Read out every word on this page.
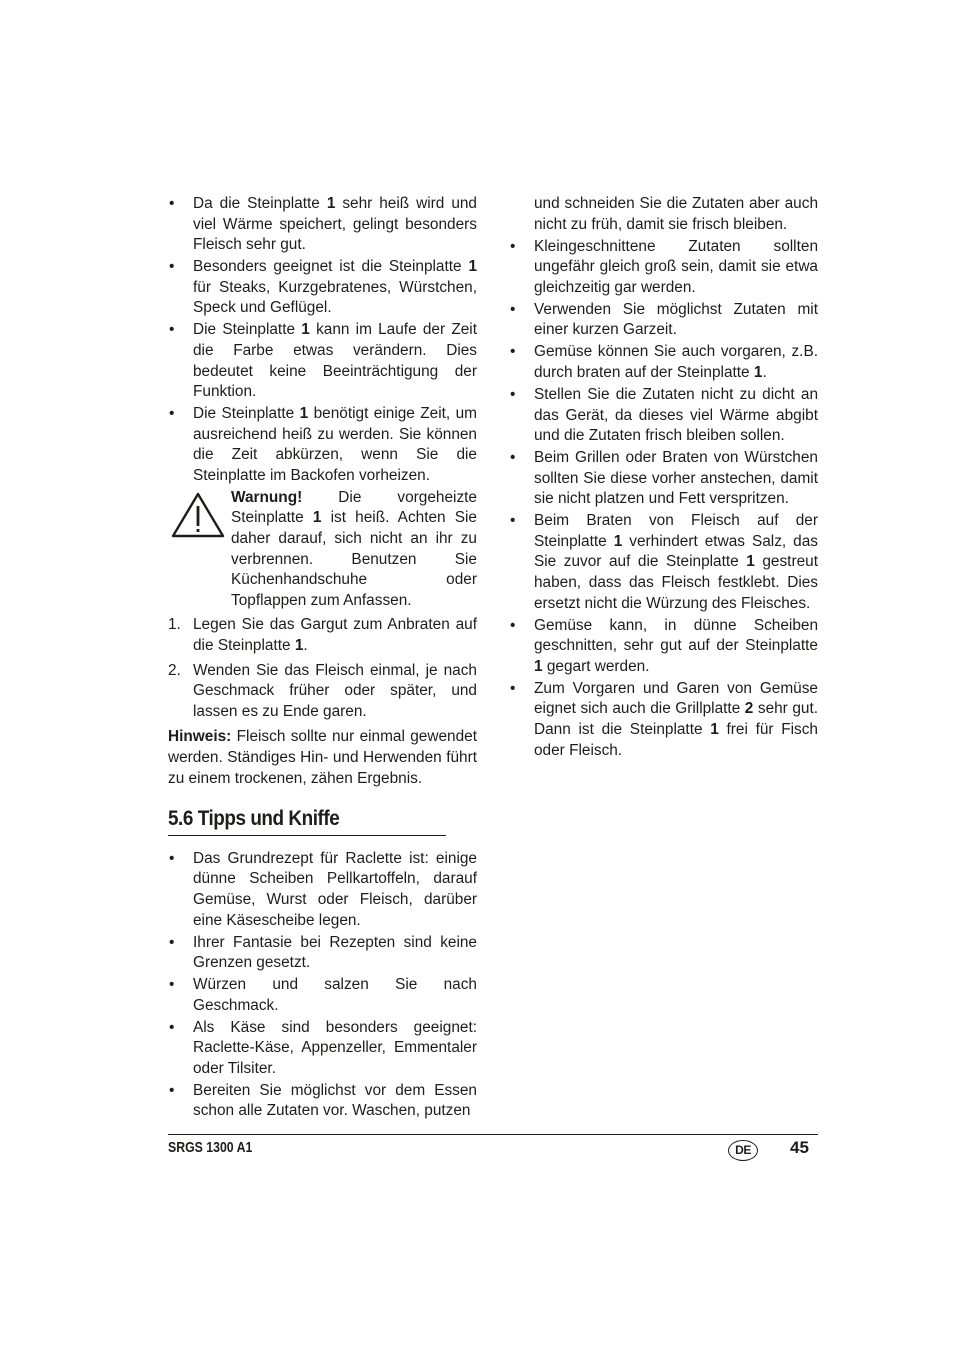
• Da die Steinplatte 1 sehr heiß wird und viel Wärme speichert, gelingt besonders Fleisch sehr gut.
• Besonders geeignet ist die Steinplatte 1 für Steaks, Kurzgebratenes, Würstchen, Speck und Geflügel.
• Die Steinplatte 1 kann im Laufe der Zeit die Farbe etwas verändern. Dies bedeutet keine Beeinträchtigung der Funktion.
• Die Steinplatte 1 benötigt einige Zeit, um ausreichend heiß zu werden. Sie können die Zeit abkürzen, wenn Sie die Steinplatte im Backofen vorheizen.
Warnung! Die vorgeheizte Steinplatte 1 ist heiß. Achten Sie daher darauf, sich nicht an ihr zu verbrennen. Benutzen Sie Küchenhandschuhe oder Topflappen zum Anfassen.
1. Legen Sie das Gargut zum Anbraten auf die Steinplatte 1.
2. Wenden Sie das Fleisch einmal, je nach Geschmack früher oder später, und lassen es zu Ende garen.

Hinweis: Fleisch sollte nur einmal gewendet werden. Ständiges Hin- und Herwenden führt zu einem trockenen, zähen Ergebnis.

5.6 Tipps und Kniffe
• Das Grundrezept für Raclette ist: einige dünne Scheiben Pellkartoffeln, darauf Gemüse, Wurst oder Fleisch, darüber eine Käsescheibe legen.
• Ihrer Fantasie bei Rezepten sind keine Grenzen gesetzt.
• Würzen und salzen Sie nach Geschmack.
• Als Käse sind besonders geeignet: Raclette-Käse, Appenzeller, Emmentaler oder Tilsiter.
• Bereiten Sie möglichst vor dem Essen schon alle Zutaten vor. Waschen, putzen

und schneiden Sie die Zutaten aber auch nicht zu früh, damit sie frisch bleiben.

• Kleingeschnittene Zutaten sollten ungefähr gleich groß sein, damit sie etwa gleichzeitig gar werden.
• Verwenden Sie möglichst Zutaten mit einer kurzen Garzeit.
• Gemüse können Sie auch vorgaren, z.B. durch braten auf der Steinplatte 1.
• Stellen Sie die Zutaten nicht zu dicht an das Gerät, da dieses viel Wärme abgibt und die Zutaten frisch bleiben sollen.
• Beim Grillen oder Braten von Würstchen sollten Sie diese vorher anstechen, damit sie nicht platzen und Fett verspritzen.
• Beim Braten von Fleisch auf der Steinplatte 1 verhindert etwas Salz, das Sie zuvor auf die Steinplatte 1 gestreut haben, dass das Fleisch festklebt. Dies ersetzt nicht die Würzung des Fleisches.
• Gemüse kann, in dünne Scheiben geschnitten, sehr gut auf der Steinplatte 1 gegart werden.
• Zum Vorgaren und Garen von Gemüse eignet sich auch die Grillplatte 2 sehr gut. Dann ist die Steinplatte 1 frei für Fisch oder Fleisch.
SRGS 1300 A1	DE	45
